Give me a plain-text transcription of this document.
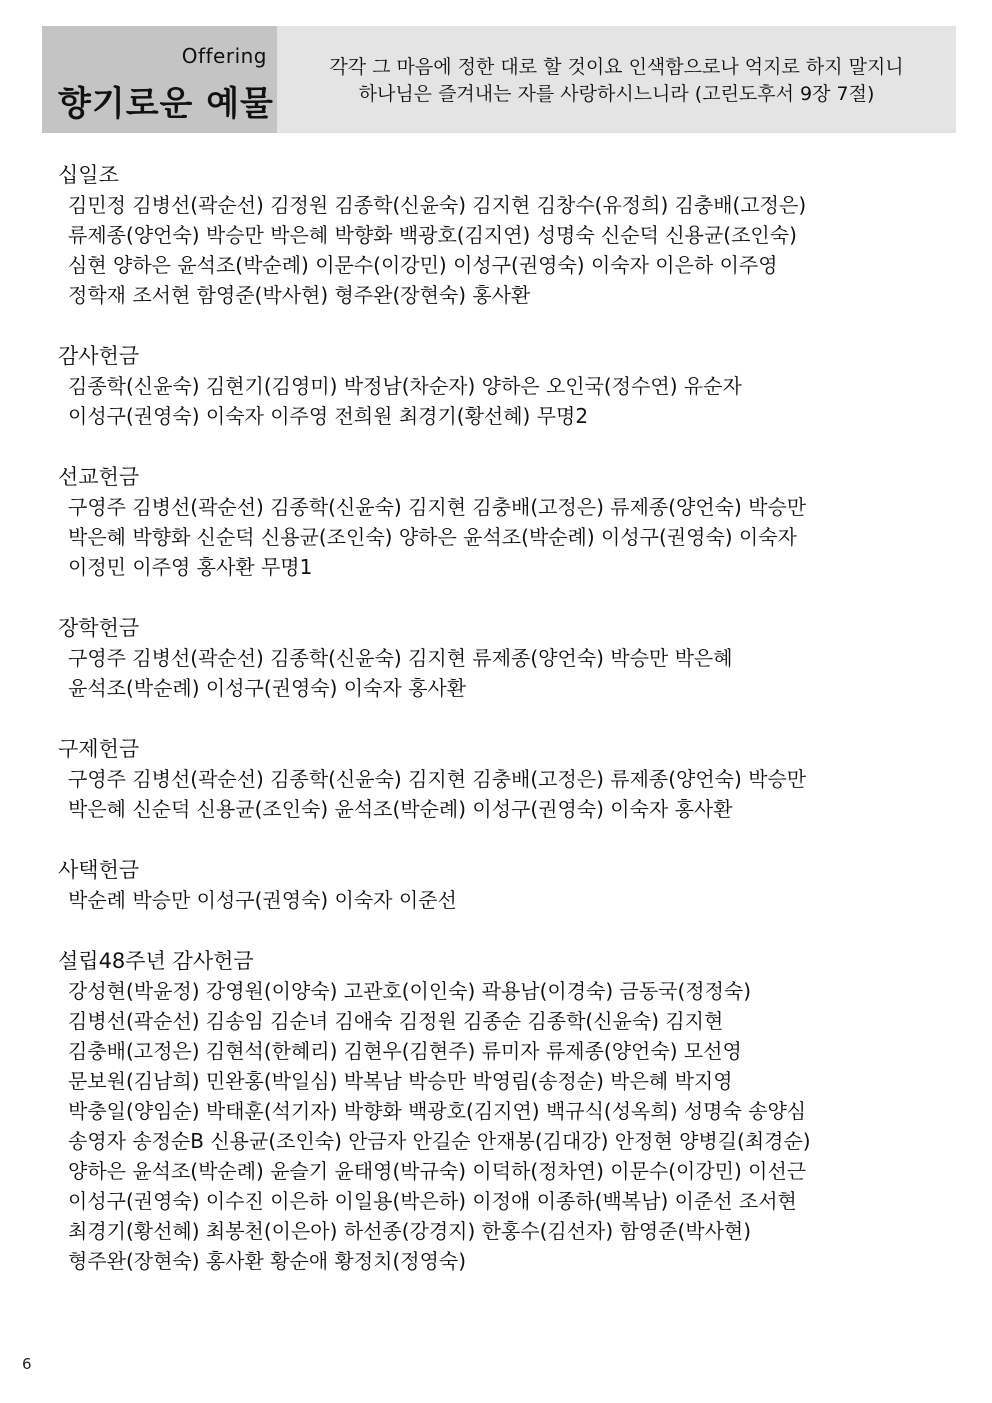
Offering
향기로운 예물
각각 그 마음에 정한 대로 할 것이요 인색함으로나 억지로 하지 말지니
하나님은 즐겨내는 자를 사랑하시느니라 (고린도후서 9장 7절)
십일조
김민정 김병선(곽순선) 김정원 김종학(신윤숙) 김지현 김창수(유정희) 김충배(고정은)
류제종(양언숙) 박승만 박은혜 박향화 백광호(김지연) 성명숙 신순덕 신용균(조인숙)
심현 양하은 윤석조(박순례) 이문수(이강민) 이성구(권영숙) 이숙자 이은하 이주영
정학재 조서현 함영준(박사현) 형주완(장현숙) 홍사환
감사헌금
김종학(신윤숙) 김현기(김영미) 박정남(차순자) 양하은 오인국(정수연) 유순자
이성구(권영숙) 이숙자 이주영 전희원 최경기(황선혜) 무명2
선교헌금
구영주 김병선(곽순선) 김종학(신윤숙) 김지현 김충배(고정은) 류제종(양언숙) 박승만
박은혜 박향화 신순덕 신용균(조인숙) 양하은 윤석조(박순례) 이성구(권영숙) 이숙자
이정민 이주영 홍사환 무명1
장학헌금
구영주 김병선(곽순선) 김종학(신윤숙) 김지현 류제종(양언숙) 박승만 박은혜
윤석조(박순례) 이성구(권영숙) 이숙자 홍사환
구제헌금
구영주 김병선(곽순선) 김종학(신윤숙) 김지현 김충배(고정은) 류제종(양언숙) 박승만
박은혜 신순덕 신용균(조인숙) 윤석조(박순례) 이성구(권영숙) 이숙자 홍사환
사택헌금
박순례 박승만 이성구(권영숙) 이숙자 이준선
설립48주년 감사헌금
강성현(박윤정) 강영원(이양숙) 고관호(이인숙) 곽용남(이경숙) 금동국(정정숙)
김병선(곽순선) 김송임 김순녀 김애숙 김정원 김종순 김종학(신윤숙) 김지현
김충배(고정은) 김현석(한혜리) 김현우(김현주) 류미자 류제종(양언숙) 모선영
문보원(김남희) 민완홍(박일심) 박복남 박승만 박영림(송정순) 박은혜 박지영
박충일(양임순) 박태훈(석기자) 박향화 백광호(김지연) 백규식(성옥희) 성명숙 송양심
송영자 송정순B 신용균(조인숙) 안금자 안길순 안재봉(김대강) 안정현 양병길(최경순)
양하은 윤석조(박순례) 윤슬기 윤태영(박규숙) 이덕하(정차연) 이문수(이강민) 이선근
이성구(권영숙) 이수진 이은하 이일용(박은하) 이정애 이종하(백복남) 이준선 조서현
최경기(황선혜) 최봉천(이은아) 하선종(강경지) 한홍수(김선자) 함영준(박사현)
형주완(장현숙) 홍사환 황순애 황정치(정영숙)
6
